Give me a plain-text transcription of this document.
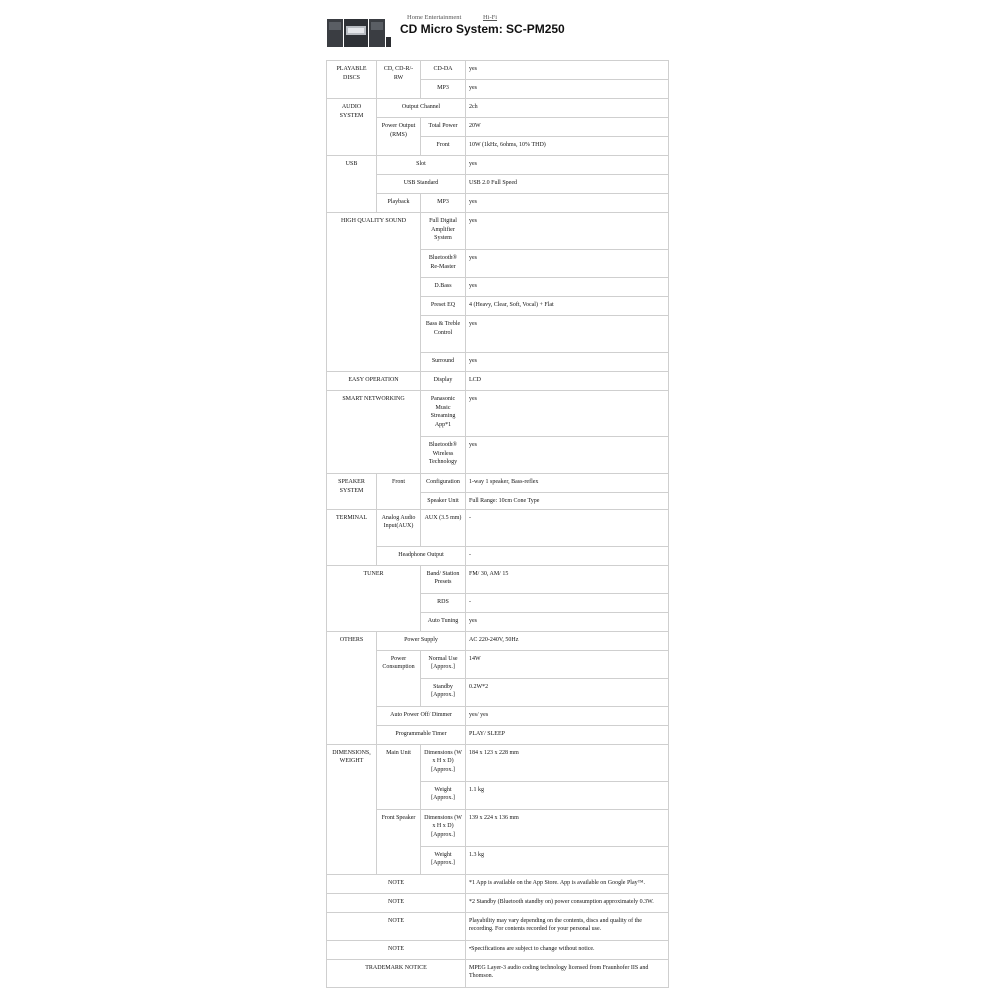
Home Entertainment	Hi-Fi
CD Micro System: SC-PM250
PLAYABLE DISCS	CD, CD-R/-RW	CD-DA	yes
		MP3	yes
AUDIO SYSTEM	Output Channel		2ch
	Power Output (RMS)	Total Power	20W
		Front	10W (1kHz, 6ohms, 10% THD)
USB	Slot		yes
	USB Standard		USB 2.0 Full Speed
	Playback	MP3	yes
HIGH QUALITY SOUND		Full Digital Amplifier System	yes
		Bluetooth® Re-Master	yes
		D.Bass	yes
		Preset EQ	4 (Heavy, Clear, Soft, Vocal) + Flat
		Bass & Treble Control	yes
		Surround	yes
EASY OPERATION		Display	LCD
SMART NETWORKING		Panasonic Music Streaming App*1	yes
		Bluetooth® Wireless Technology	yes
SPEAKER SYSTEM	Front	Configuration	1-way 1 speaker, Bass-reflex
		Speaker Unit	Full Range: 10cm Cone Type
TERMINAL	Analog Audio Input(AUX)	AUX (3.5 mm)	-
	Headphone Output		-
TUNER		Band/ Station Presets	FM/ 30, AM/ 15
		RDS	-
		Auto Tuning	yes
OTHERS	Power Supply		AC 220-240V, 50Hz
	Power Consumption	Normal Use [Approx.]	14W
		Standby [Approx.]	0.2W*2
	Auto Power Off/ Dimmer		yes/ yes
	Programmable Timer		PLAY/ SLEEP
DIMENSIONS, WEIGHT	Main Unit	Dimensions (W x H x D) [Approx.]	184 x 123 x 228 mm
		Weight [Approx.]	1.1 kg
	Front Speaker	Dimensions (W x H x D) [Approx.]	139 x 224 x 136 mm
		Weight [Approx.]	1.3 kg
NOTE			*1 App is available on the App Store. App is available on Google Play™.
NOTE			*2 Standby (Bluetooth standby on) power consumption approximately 0.3W.
NOTE			Playability may vary depending on the contents, discs and quality of the recording. For contents recorded for your personal use.
NOTE			•Specifications are subject to change without notice.
TRADEMARK NOTICE			MPEG Layer-3 audio coding technology licensed from Fraunhofer IIS and Thomson.
